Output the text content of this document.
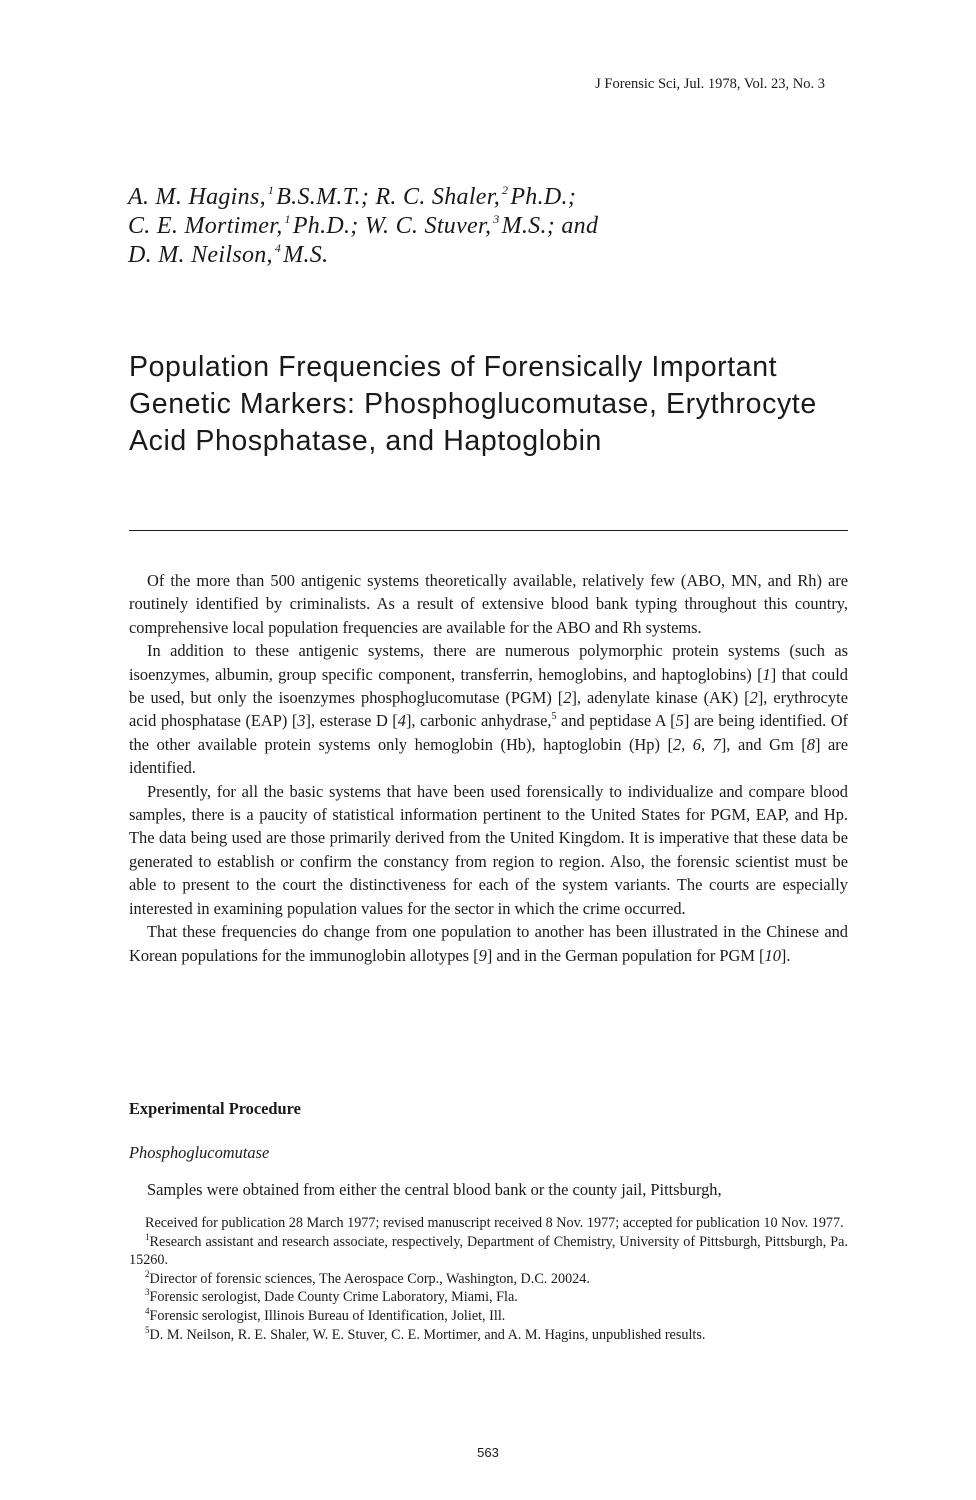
J Forensic Sci, Jul. 1978, Vol. 23, No. 3
A. M. Hagins, $^1$B.S.M.T.; R. C. Shaler, $^2$Ph.D.;
C. E. Mortimer, $^1$Ph.D.; W. C. Stuver, $^3$M.S.; and
D. M. Neilson, $^4$M.S.
Population Frequencies of Forensically Important
Genetic Markers: Phosphoglucomutase, Erythrocyte
Acid Phosphatase, and Haptoglobin

Of the more than 500 antigenic systems theoretically available, relatively few (ABO, MN, and Rh) are routinely identified by criminalists. As a result of extensive blood bank typing throughout this country, comprehensive local population frequencies are available for the ABO and Rh systems.

In addition to these antigenic systems, there are numerous polymorphic protein systems (such as isoenzymes, albumin, group specific component, transferrin, hemoglobins, and haptoglobins) [1] that could be used, but only the isoenzymes phosphoglucomutase (PGM) [2], adenylate kinase (AK) [2], erythrocyte acid phosphatase (EAP) [3], esterase D [4], carbonic anhydrase,$^5$ and peptidase A [5] are being identified. Of the other available protein systems only hemoglobin (Hb), haptoglobin (Hp) [2, 6, 7], and Gm [8] are identified.

Presently, for all the basic systems that have been used forensically to individualize and compare blood samples, there is a paucity of statistical information pertinent to the United States for PGM, EAP, and Hp. The data being used are those primarily derived from the United Kingdom. It is imperative that these data be generated to establish or confirm the constancy from region to region. Also, the forensic scientist must be able to present to the court the distinctiveness for each of the system variants. The courts are especially interested in examining population values for the sector in which the crime occurred.

That these frequencies do change from one population to another has been illustrated in the Chinese and Korean populations for the immunoglobin allotypes [9] and in the German population for PGM [10].

Experimental Procedure
Phosphoglucomutase
Samples were obtained from either the central blood bank or the county jail, Pittsburgh,

Received for publication 28 March 1977; revised manuscript received 8 Nov. 1977; accepted for publication 10 Nov. 1977.

$^1$Research assistant and research associate, respectively, Department of Chemistry, University of Pittsburgh, Pittsburgh, Pa. 15260.

$^2$Director of forensic sciences, The Aerospace Corp., Washington, D.C. 20024.

$^3$Forensic serologist, Dade County Crime Laboratory, Miami, Fla.

$^4$Forensic serologist, Illinois Bureau of Identification, Joliet, Ill.

$^5$D. M. Neilson, R. E. Shaler, W. E. Stuver, C. E. Mortimer, and A. M. Hagins, unpublished results.

563
